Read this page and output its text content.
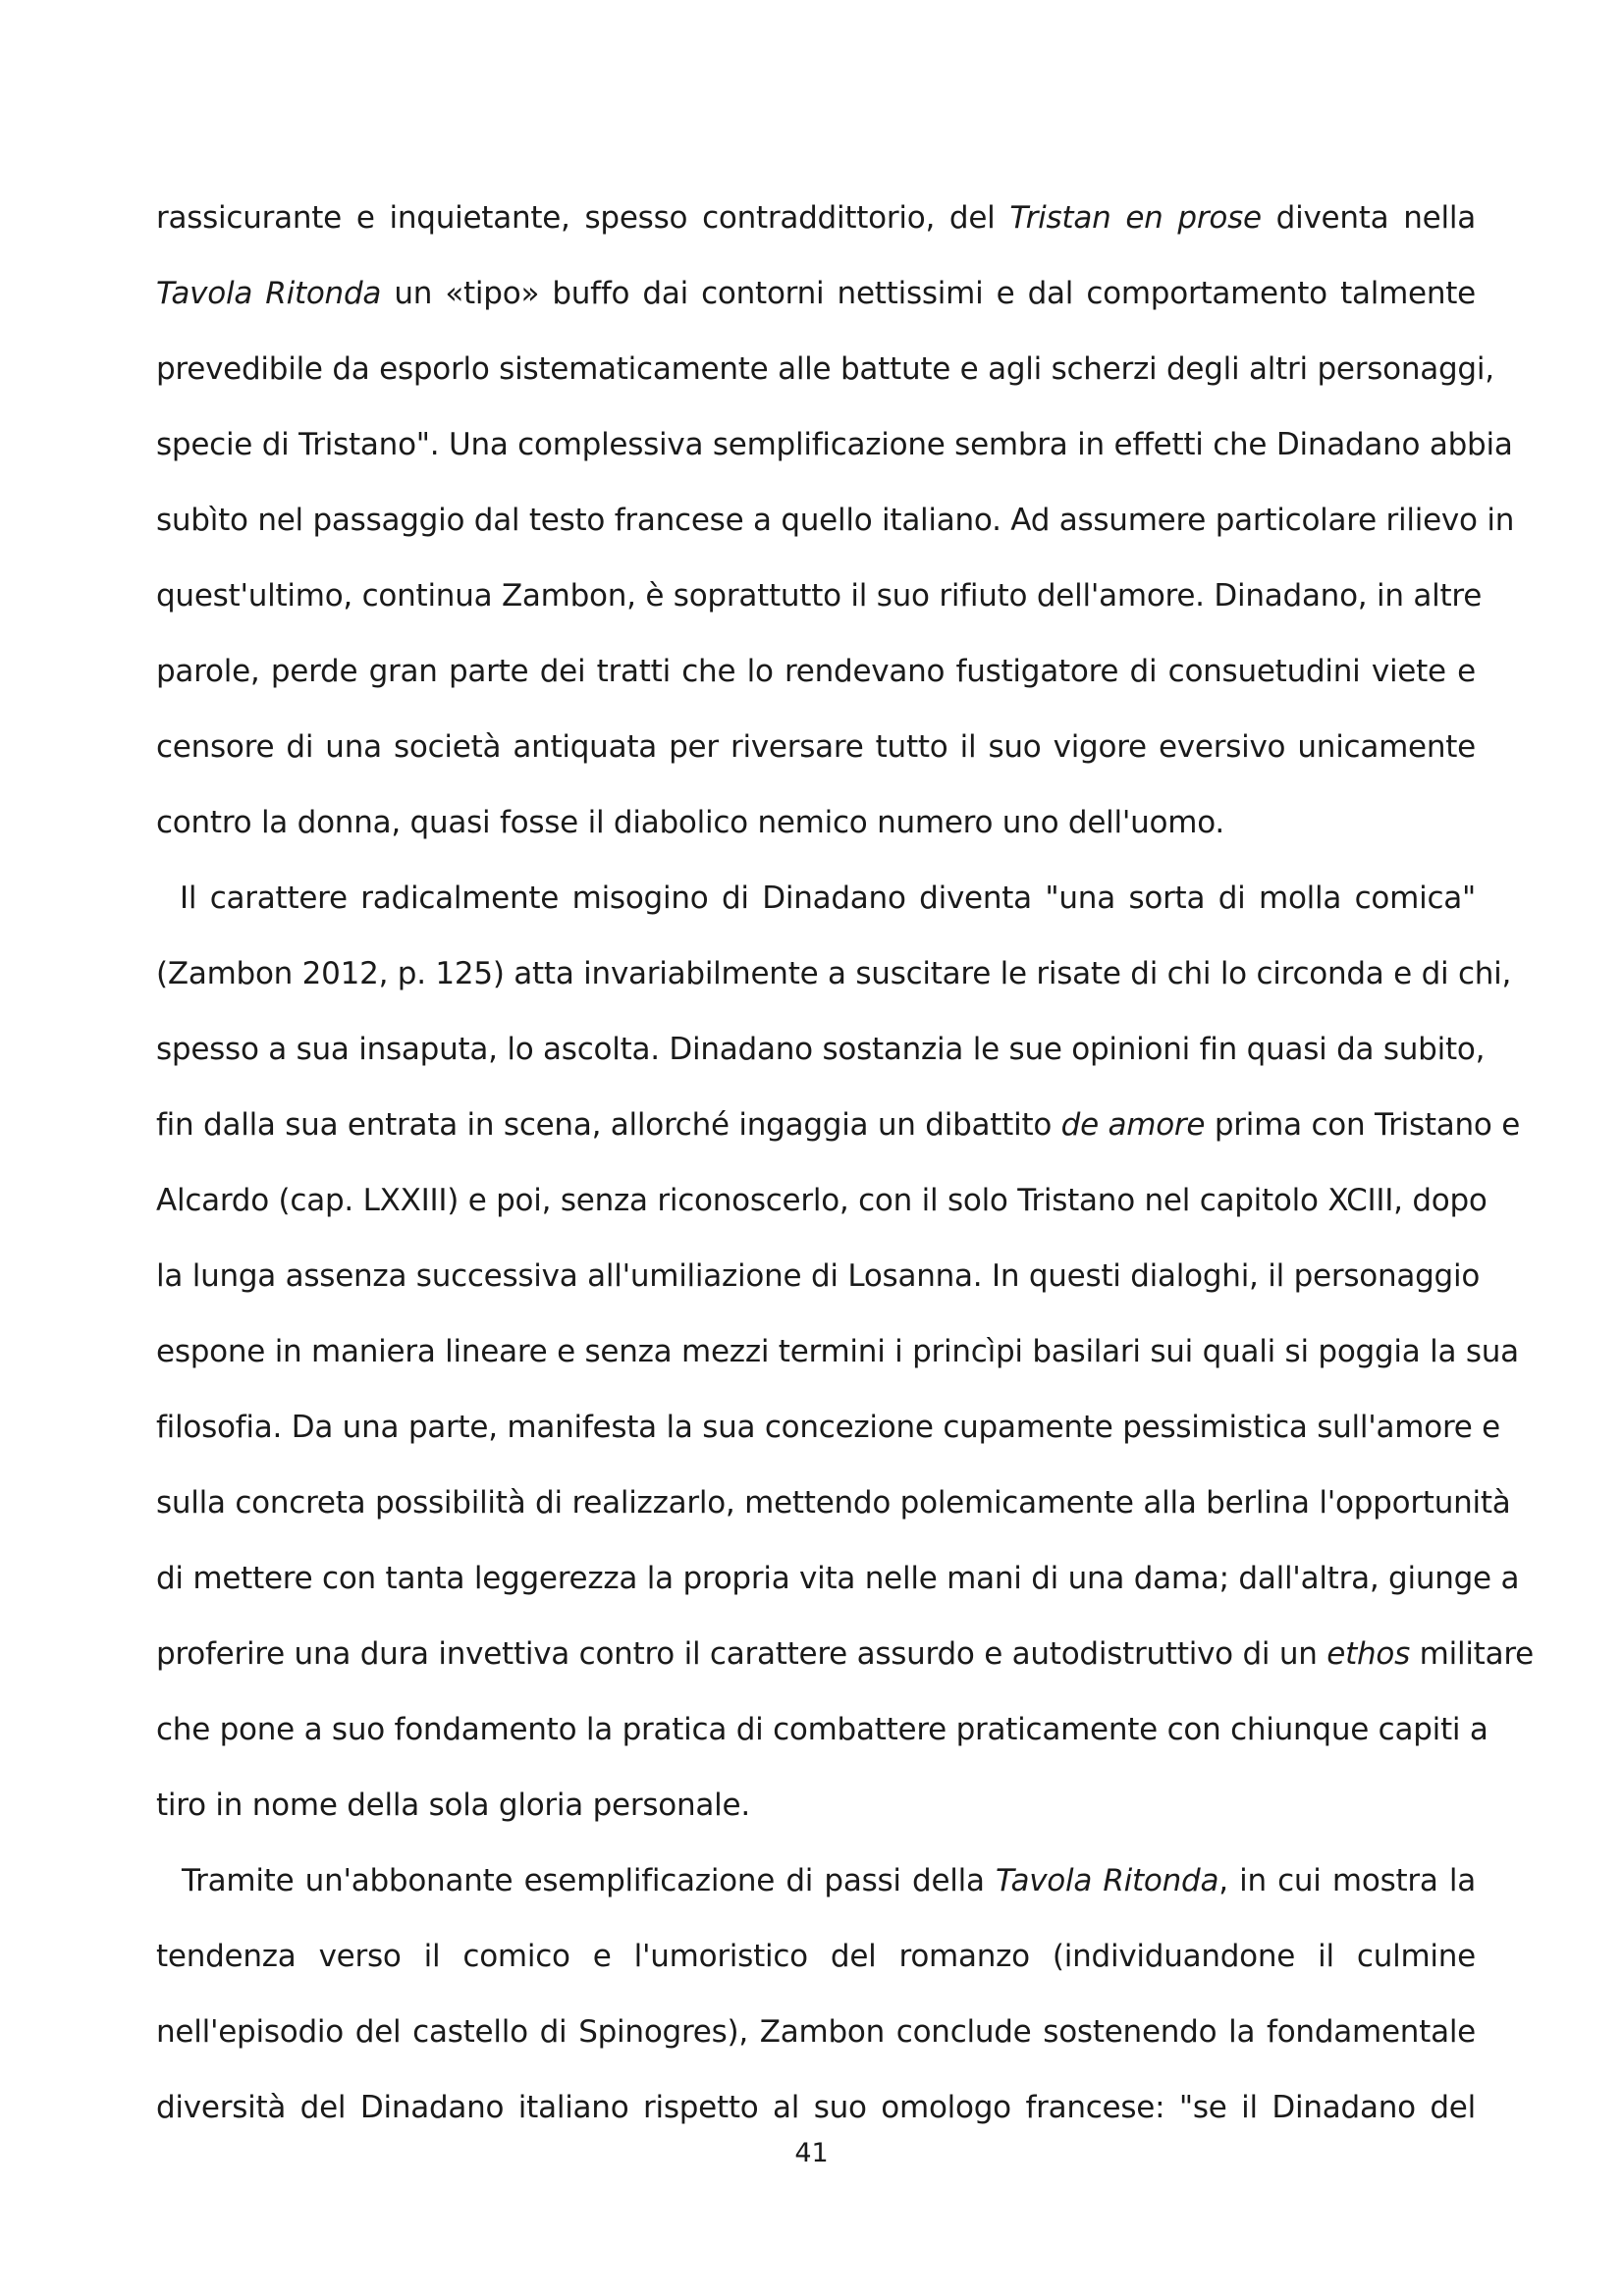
rassicurante e inquietante, spesso contraddittorio, del Tristan en prose diventa nella
Tavola Ritonda un «tipo» buffo dai contorni nettissimi e dal comportamento talmente
prevedibile da esporlo sistematicamente alle battute e agli scherzi degli altri personaggi,
specie di Tristano". Una complessiva semplificazione sembra in effetti che Dinadano abbia
subìto nel passaggio dal testo francese a quello italiano. Ad assumere particolare rilievo in
quest'ultimo, continua Zambon, è soprattutto il suo rifiuto dell'amore. Dinadano, in altre
parole, perde gran parte dei tratti che lo rendevano fustigatore di consuetudini viete e
censore di una società antiquata per riversare tutto il suo vigore eversivo unicamente
contro la donna, quasi fosse il diabolico nemico numero uno dell'uomo.
Il carattere radicalmente misogino di Dinadano diventa "una sorta di molla comica"
(Zambon 2012, p. 125) atta invariabilmente a suscitare le risate di chi lo circonda e di chi,
spesso a sua insaputa, lo ascolta. Dinadano sostanzia le sue opinioni fin quasi da subito,
fin dalla sua entrata in scena, allorché ingaggia un dibattito de amore prima con Tristano e
Alcardo (cap. LXXIII) e poi, senza riconoscerlo, con il solo Tristano nel capitolo XCIII, dopo
la lunga assenza successiva all'umiliazione di Losanna. In questi dialoghi, il personaggio
espone in maniera lineare e senza mezzi termini i princìpi basilari sui quali si poggia la sua
filosofia. Da una parte, manifesta la sua concezione cupamente pessimistica sull'amore e
sulla concreta possibilità di realizzarlo, mettendo polemicamente alla berlina l'opportunità
di mettere con tanta leggerezza la propria vita nelle mani di una dama; dall'altra, giunge a
proferire una dura invettiva contro il carattere assurdo e autodistruttivo di un ethos militare
che pone a suo fondamento la pratica di combattere praticamente con chiunque capiti a
tiro in nome della sola gloria personale.
Tramite un'abbonante esemplificazione di passi della Tavola Ritonda, in cui mostra la
tendenza verso il comico e l'umoristico del romanzo (individuandone il culmine
nell'episodio del castello di Spinogres), Zambon conclude sostenendo la fondamentale
diversità del Dinadano italiano rispetto al suo omologo francese: "se il Dinadano del
41
